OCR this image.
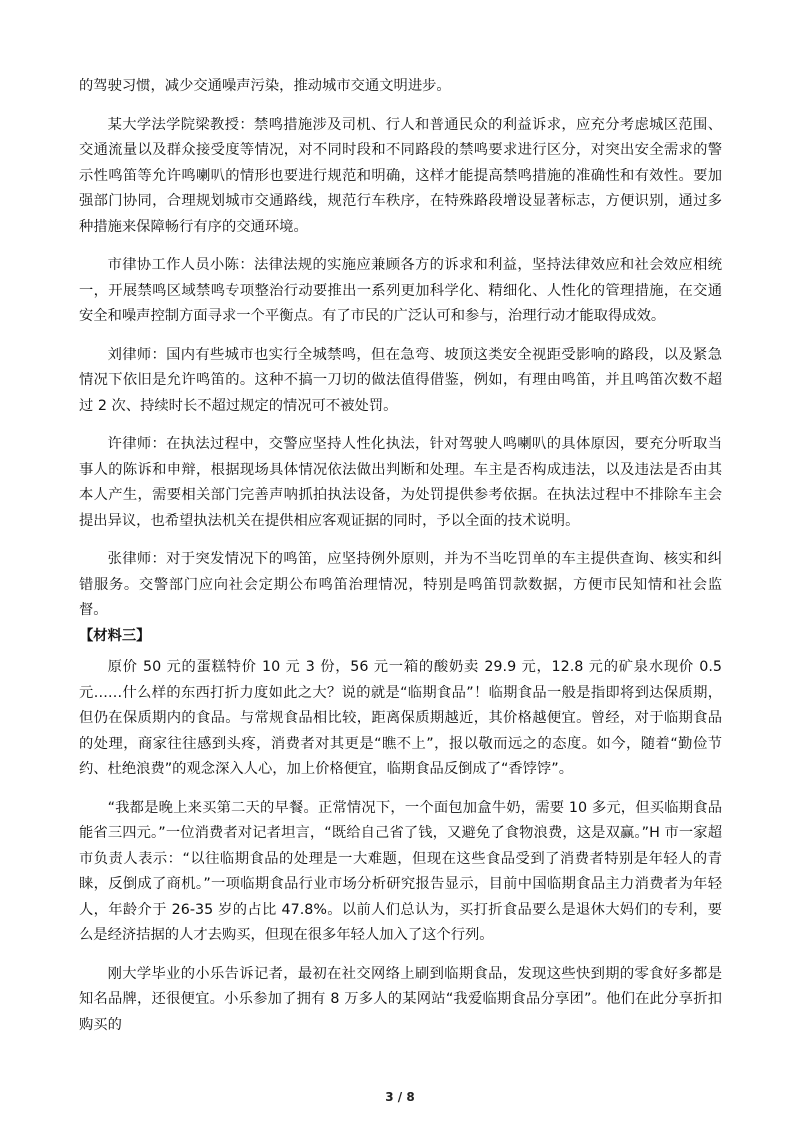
的驾驶习惯，减少交通噪声污染，推动城市交通文明进步。

某大学法学院梁教授：禁鸣措施涉及司机、行人和普通民众的利益诉求，应充分考虑城区范围、交通流量以及群众接受度等情况，对不同时段和不同路段的禁鸣要求进行区分，对突出安全需求的警示性鸣笛等允许鸣喇叭的情形也要进行规范和明确，这样才能提高禁鸣措施的准确性和有效性。要加强部门协同，合理规划城市交通路线，规范行车秩序，在特殊路段增设显著标志，方便识别，通过多种措施来保障畅行有序的交通环境。

市律协工作人员小陈：法律法规的实施应兼顾各方的诉求和利益，坚持法律效应和社会效应相统一，开展禁鸣区域禁鸣专项整治行动要推出一系列更加科学化、精细化、人性化的管理措施，在交通安全和噪声控制方面寻求一个平衡点。有了市民的广泛认可和参与，治理行动才能取得成效。

刘律师：国内有些城市也实行全城禁鸣，但在急弯、坡顶这类安全视距受影响的路段，以及紧急情况下依旧是允许鸣笛的。这种不搞一刀切的做法值得借鉴，例如，有理由鸣笛，并且鸣笛次数不超过 2 次、持续时长不超过规定的情况可不被处罚。

许律师：在执法过程中，交警应坚持人性化执法，针对驾驶人鸣喇叭的具体原因，要充分听取当事人的陈诉和申辩，根据现场具体情况依法做出判断和处理。车主是否构成违法，以及违法是否由其本人产生，需要相关部门完善声呐抓拍执法设备，为处罚提供参考依据。在执法过程中不排除车主会提出异议，也希望执法机关在提供相应客观证据的同时，予以全面的技术说明。

张律师：对于突发情况下的鸣笛，应坚持例外原则，并为不当吃罚单的车主提供查询、核实和纠错服务。交警部门应向社会定期公布鸣笛治理情况，特别是鸣笛罚款数据，方便市民知情和社会监督。

【材料三】

原价 50 元的蛋糕特价 10 元 3 份，56 元一箱的酸奶卖 29.9 元，12.8 元的矿泉水现价 0.5 元……什么样的东西打折力度如此之大？说的就是“临期食品”！临期食品一般是指即将到达保质期，但仍在保质期内的食品。与常规食品相比较，距离保质期越近，其价格越便宜。曾经，对于临期食品的处理，商家往往感到头疼，消费者对其更是“瞧不上”，报以敬而远之的态度。如今，随着“勤俭节约、杜绝浪费”的观念深入人心，加上价格便宜，临期食品反倒成了“香饽饽”。

“我都是晚上来买第二天的早餐。正常情况下，一个面包加盒牛奶，需要 10 多元，但买临期食品能省三四元。”一位消费者对记者坦言，“既给自己省了钱，又避免了食物浪费，这是双赢。”H 市一家超市负责人表示：“以往临期食品的处理是一大难题，但现在这些食品受到了消费者特别是年轻人的青睐，反倒成了商机。”一项临期食品行业市场分析研究报告显示，目前中国临期食品主力消费者为年轻人，年龄介于 26-35 岁的占比 47.8%。以前人们总认为，买打折食品要么是退休大妈们的专利，要么是经济拮据的人才去购买，但现在很多年轻人加入了这个行列。

刚大学毕业的小乐告诉记者，最初在社交网络上刷到临期食品，发现这些快到期的零食好多都是知名品牌，还很便宜。小乐参加了拥有 8 万多人的某网站“我爱临期食品分享团”。他们在此分享折扣购买的

3 / 8
